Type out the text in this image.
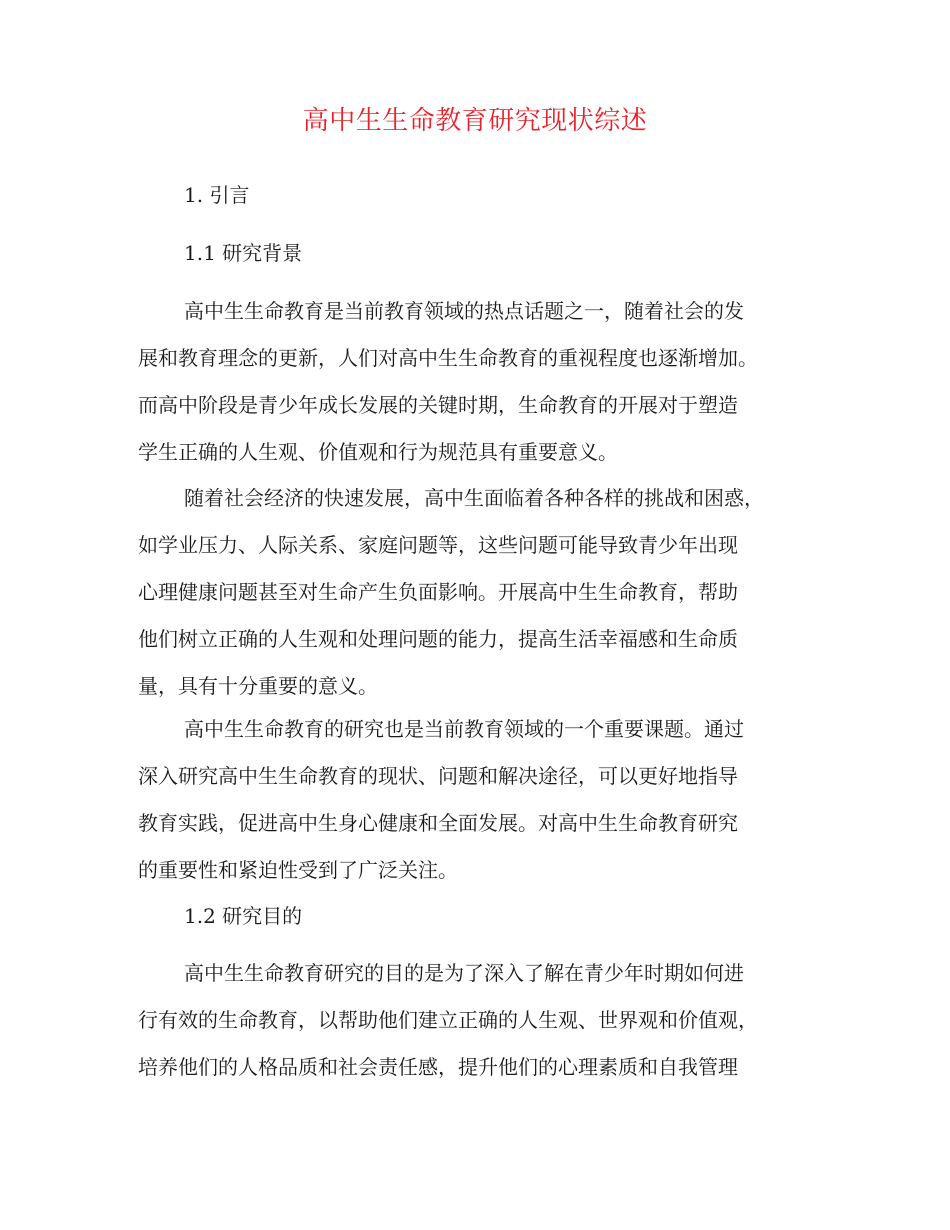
高中生生命教育研究现状综述
1. 引言
1.1 研究背景
高中生生命教育是当前教育领域的热点话题之一，随着社会的发
展和教育理念的更新，人们对高中生生命教育的重视程度也逐渐增加。
而高中阶段是青少年成长发展的关键时期，生命教育的开展对于塑造
学生正确的人生观、价值观和行为规范具有重要意义。
随着社会经济的快速发展，高中生面临着各种各样的挑战和困惑，
如学业压力、人际关系、家庭问题等，这些问题可能导致青少年出现
心理健康问题甚至对生命产生负面影响。开展高中生生命教育，帮助
他们树立正确的人生观和处理问题的能力，提高生活幸福感和生命质
量，具有十分重要的意义。
高中生生命教育的研究也是当前教育领域的一个重要课题。通过
深入研究高中生生命教育的现状、问题和解决途径，可以更好地指导
教育实践，促进高中生身心健康和全面发展。对高中生生命教育研究
的重要性和紧迫性受到了广泛关注。
1.2 研究目的
高中生生命教育研究的目的是为了深入了解在青少年时期如何进
行有效的生命教育，以帮助他们建立正确的人生观、世界观和价值观，
培养他们的人格品质和社会责任感，提升他们的心理素质和自我管理
